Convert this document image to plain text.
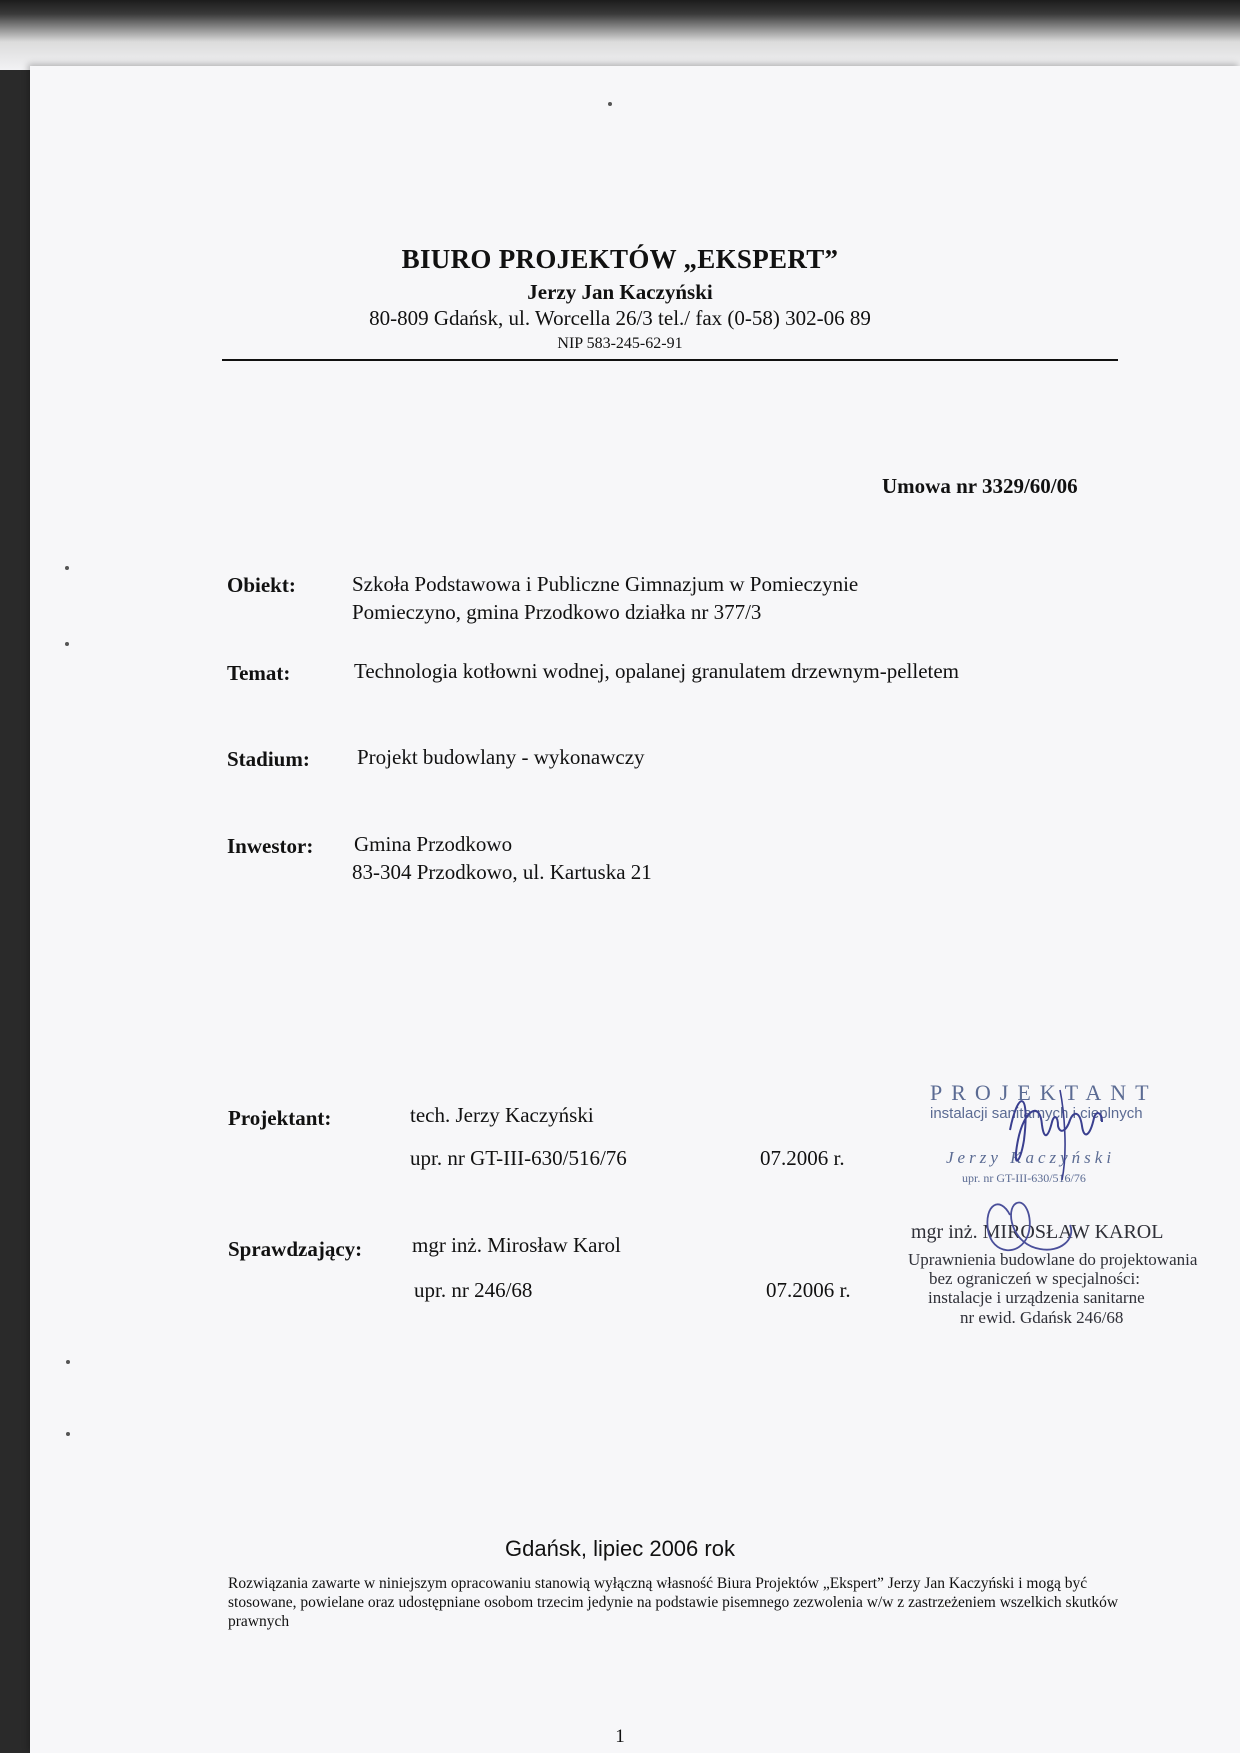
BIURO PROJEKTÓW „EKSPERT”
Jerzy Jan Kaczyński
80-809 Gdańsk, ul. Worcella 26/3 tel./ fax (0-58) 302-06 89
NIP 583-245-62-91
Umowa nr 3329/60/06
Obiekt:	Szkoła Podstawowa i Publiczne Gimnazjum w Pomieczynie
Pomieczyno, gmina Przodkowo działka nr 377/3
Temat:	Technologia kotłowni wodnej, opalanej granulatem drzewnym-pelletem
Stadium: Projekt budowlany - wykonawczy
Inwestor: Gmina Przodkowo
83-304 Przodkowo, ul. Kartuska 21
Projektant:	tech. Jerzy Kaczyński
upr. nr GT-III-630/516/76	07.2006 r.
Sprawdzający: mgr inż. Mirosław Karol
upr. nr 246/68	07.2006 r.
PROJEKTANT
instalacji sanitarnych i cieplnych
Jerzy Kaczyński
upr. nr GT-III-630/516/76
mgr inż. MIROSŁAW KAROL
Uprawnienia budowlane do projektowania
bez ograniczeń w specjalności:
instalacje i urządzenia sanitarne
nr ewid. Gdańsk 246/68
Gdańsk, lipiec 2006 rok
Rozwiązania zawarte w niniejszym opracowaniu stanowią wyłączną własność Biura Projektów „Ekspert” Jerzy Jan Kaczyński i mogą być stosowane, powielane oraz udostępniane osobom trzecim jedynie na podstawie pisemnego zezwolenia w/w z zastrzeżeniem wszelkich skutków prawnych
1
